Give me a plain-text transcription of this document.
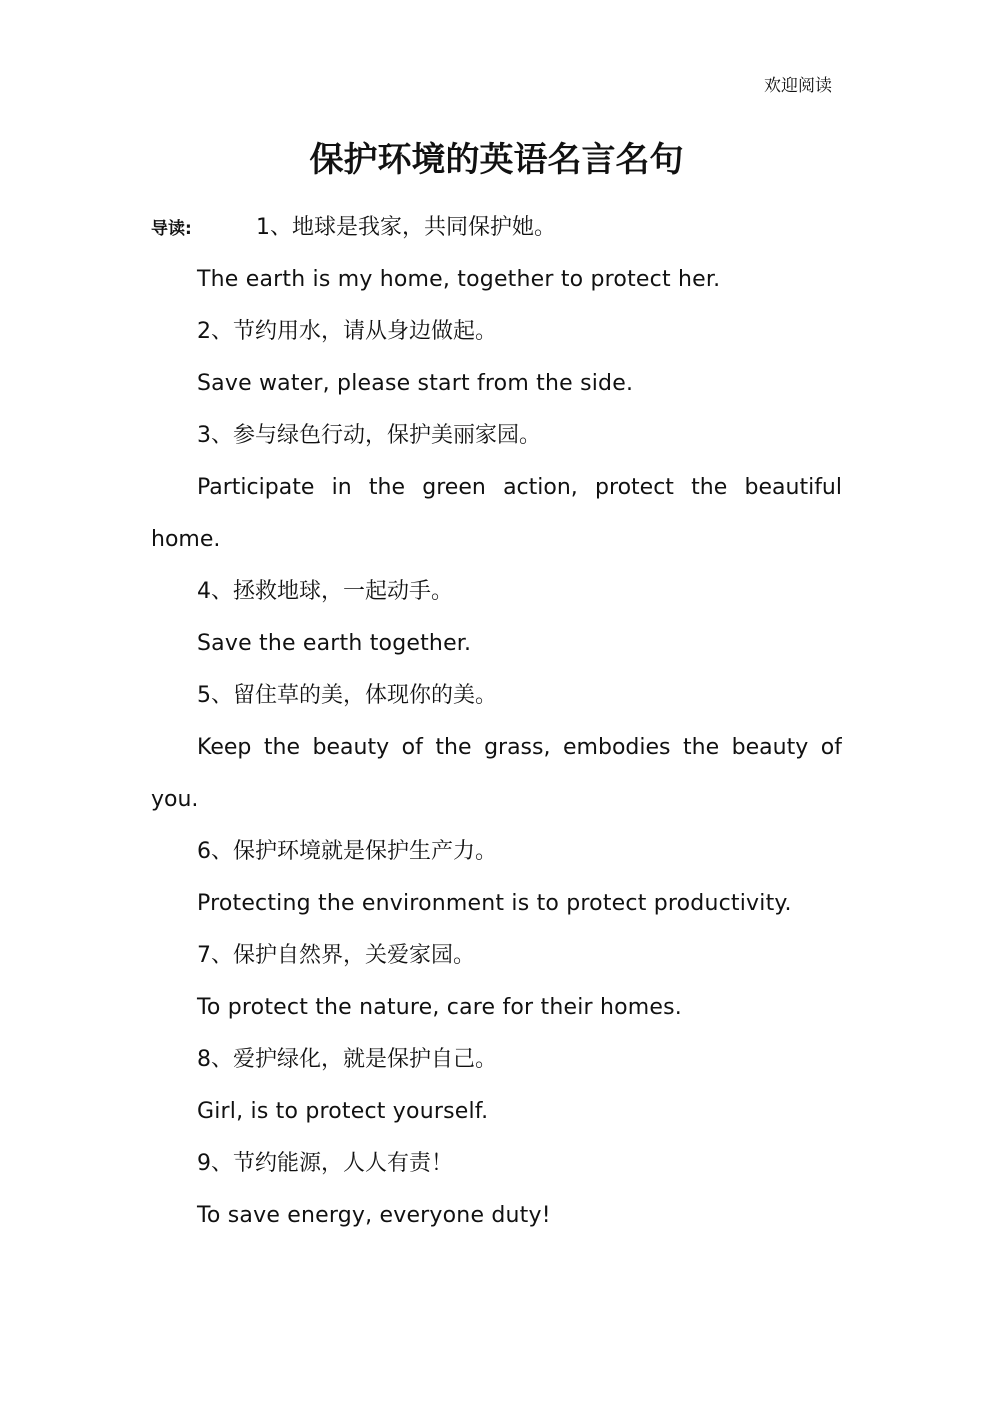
欢迎阅读
保护环境的英语名言名句
导读:	1、地球是我家，共同保护她。
The earth is my home, together to protect her.
2、节约用水，请从身边做起。
Save water, please start from the side.
3、参与绿色行动，保护美丽家园。
Participate in the green action, protect the beautiful
home.
4、拯救地球，一起动手。
Save the earth together.
5、留住草的美，体现你的美。
Keep the beauty of the grass, embodies the beauty of
you.
6、保护环境就是保护生产力。
Protecting the environment is to protect productivity.
7、保护自然界，关爱家园。
To protect the nature, care for their homes.
8、爱护绿化，就是保护自己。
Girl, is to protect yourself.
9、节约能源，人人有责！
To save energy, everyone duty!
